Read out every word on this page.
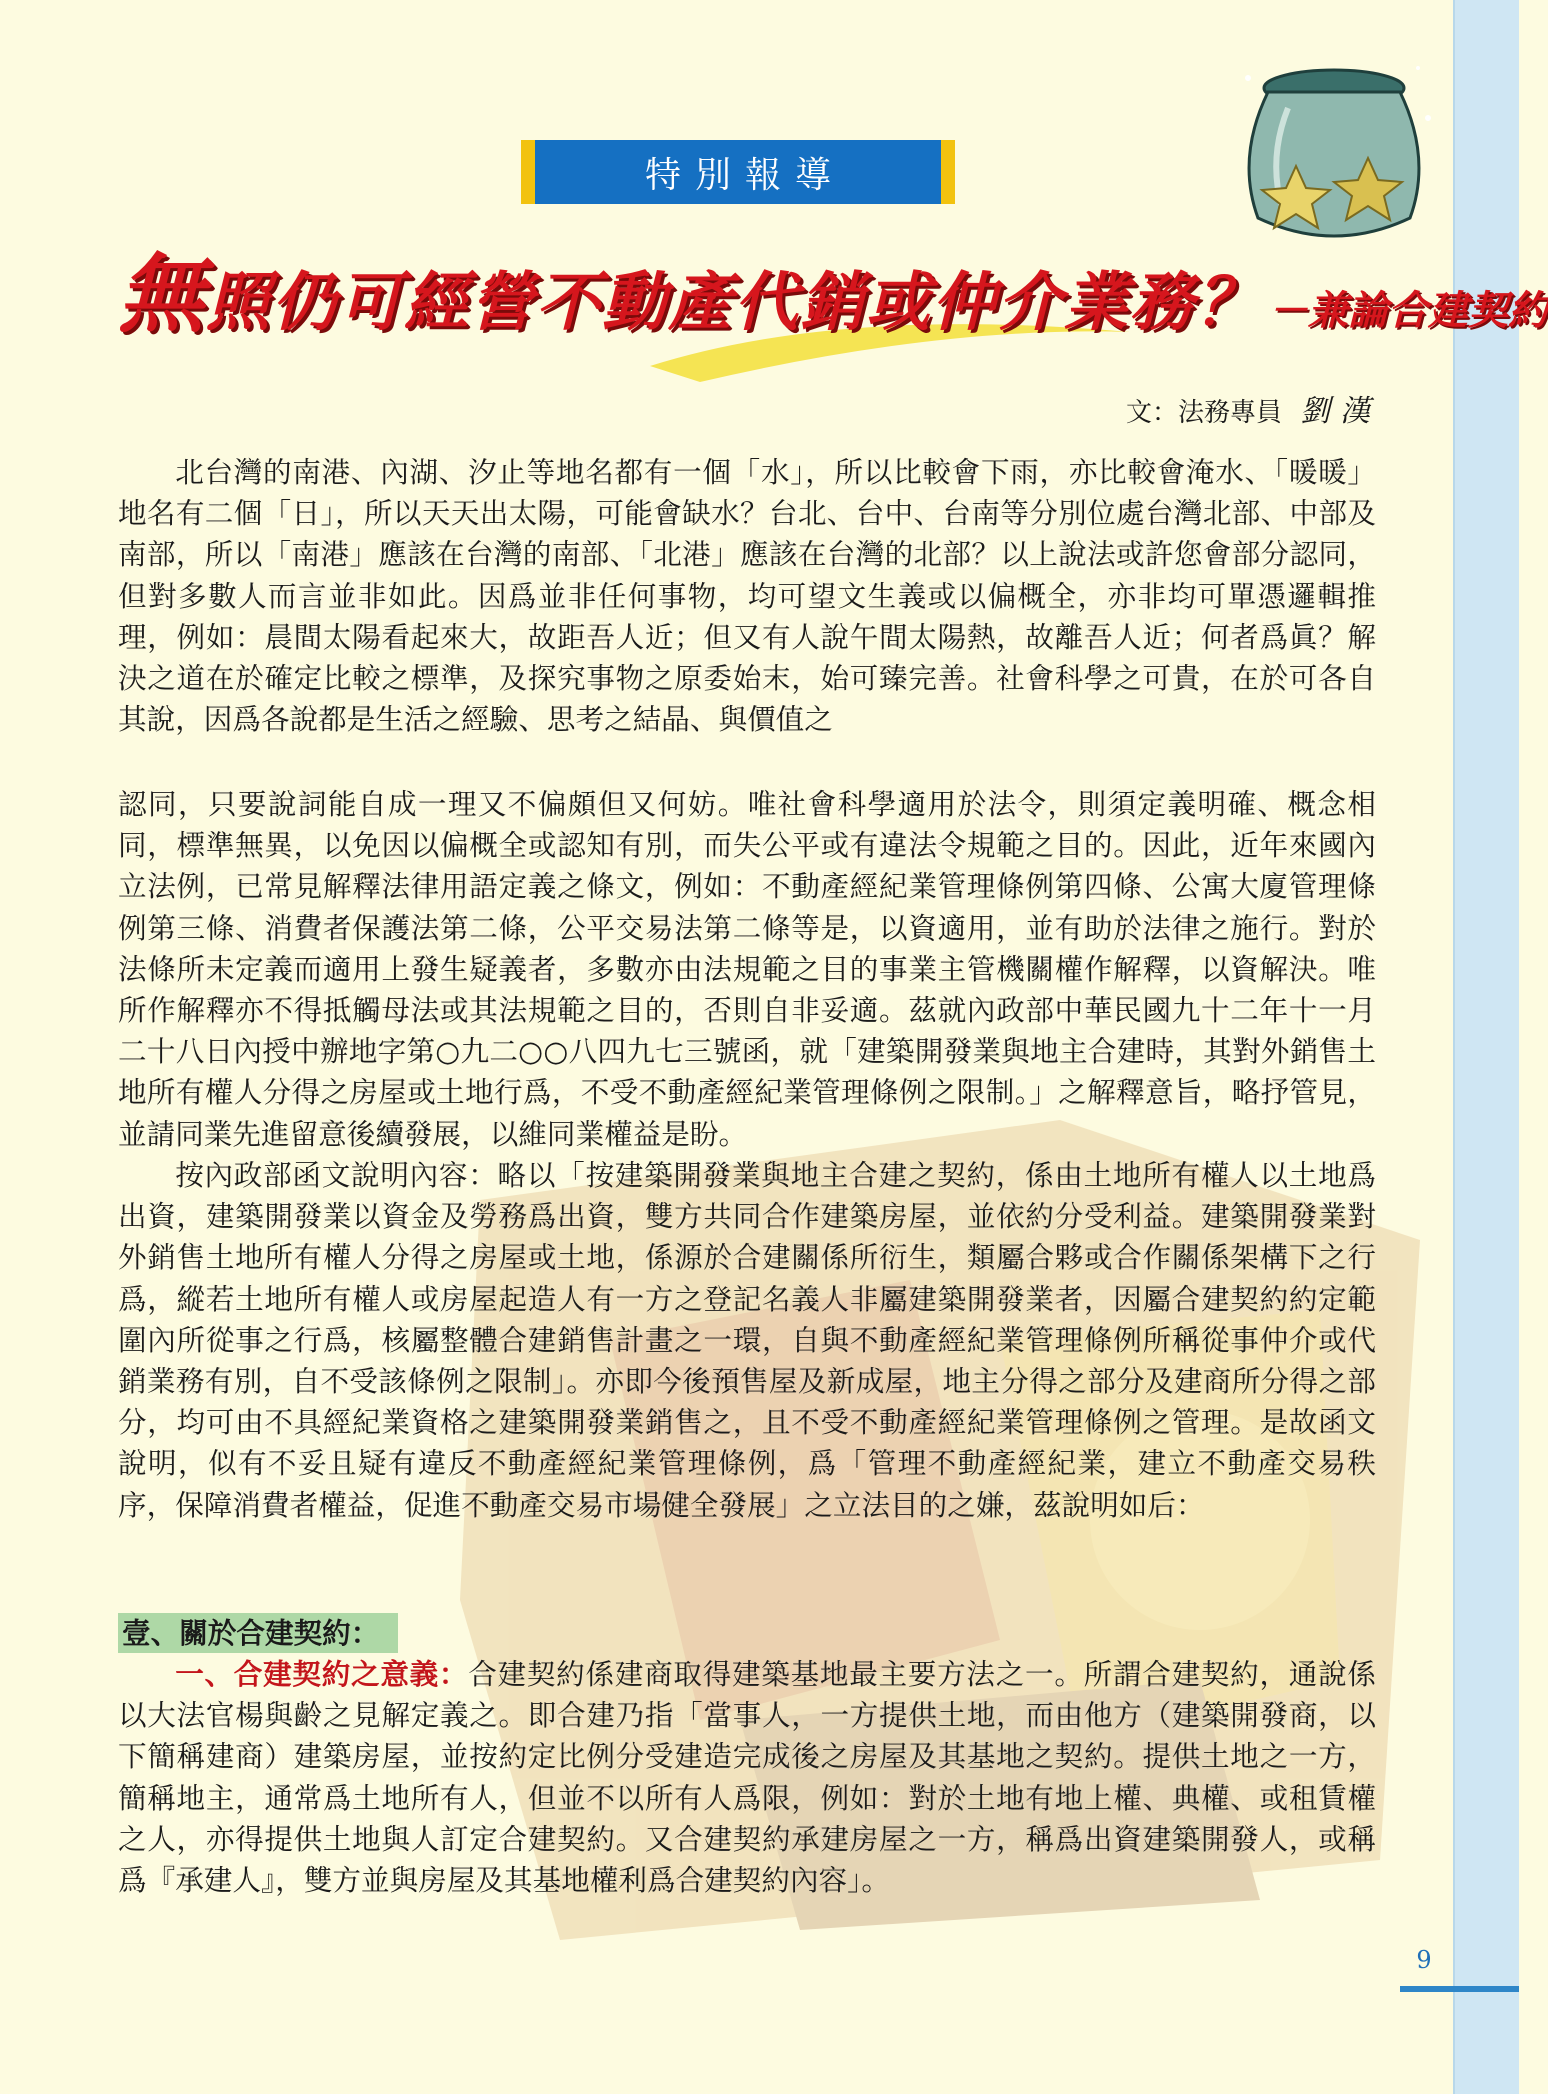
特別報導
無照仍可經營不動產代銷或仲介業務？ －兼論合建契約
文：法務專員 劉漢

北台灣的南港、內湖、汐止等地名都有一個「水」，所以比較會下雨，亦比較會淹水、「暖暖」地名有二個「日」，所以天天出太陽，可能會缺水？台北、台中、台南等分別位處台灣北部、中部及南部，所以「南港」應該在台灣的南部、「北港」應該在台灣的北部？以上說法或許您會部分認同，但對多數人而言並非如此。因爲並非任何事物，均可望文生義或以偏概全，亦非均可單憑邏輯推理，例如：晨間太陽看起來大，故距吾人近；但又有人說午間太陽熱，故離吾人近；何者爲眞？解決之道在於確定比較之標準，及探究事物之原委始末，始可臻完善。社會科學之可貴，在於可各自其說，因爲各說都是生活之經驗、思考之結晶、與價值之

認同，只要說詞能自成一理又不偏頗但又何妨。唯社會科學適用於法令，則須定義明確、概念相同，標準無異，以免因以偏概全或認知有別，而失公平或有違法令規範之目的。因此，近年來國內立法例，已常見解釋法律用語定義之條文，例如：不動產經紀業管理條例第四條、公寓大廈管理條例第三條、消費者保護法第二條，公平交易法第二條等是，以資適用，並有助於法律之施行。對於法條所未定義而適用上發生疑義者，多數亦由法規範之目的事業主管機關權作解釋，以資解決。唯所作解釋亦不得抵觸母法或其法規範之目的，否則自非妥適。茲就內政部中華民國九十二年十一月二十八日內授中辦地字第○九二○○八四九七三號函，就「建築開發業與地主合建時，其對外銷售土地所有權人分得之房屋或土地行爲，不受不動產經紀業管理條例之限制。」之解釋意旨，略抒管見，並請同業先進留意後續發展，以維同業權益是盼。

按內政部函文說明內容：略以「按建築開發業與地主合建之契約，係由土地所有權人以土地爲出資，建築開發業以資金及勞務爲出資，雙方共同合作建築房屋，並依約分受利益。建築開發業對外銷售土地所有權人分得之房屋或土地，係源於合建關係所衍生，類屬合夥或合作關係架構下之行爲，縱若土地所有權人或房屋起造人有一方之登記名義人非屬建築開發業者，因屬合建契約約定範圍內所從事之行爲，核屬整體合建銷售計畫之一環，自與不動產經紀業管理條例所稱從事仲介或代銷業務有別，自不受該條例之限制」。亦即今後預售屋及新成屋，地主分得之部分及建商所分得之部分，均可由不具經紀業資格之建築開發業銷售之，且不受不動產經紀業管理條例之管理。是故函文說明，似有不妥且疑有違反不動產經紀業管理條例，爲「管理不動產經紀業，建立不動產交易秩序，保障消費者權益，促進不動產交易市場健全發展」之立法目的之嫌，茲說明如后：

壹、關於合建契約：

一、合建契約之意義：合建契約係建商取得建築基地最主要方法之一。所謂合建契約，通說係以大法官楊與齡之見解定義之。即合建乃指「當事人，一方提供土地，而由他方（建築開發商，以下簡稱建商）建築房屋，並按約定比例分受建造完成後之房屋及其基地之契約。提供土地之一方，簡稱地主，通常爲土地所有人，但並不以所有人爲限，例如：對於土地有地上權、典權、或租賃權之人，亦得提供土地與人訂定合建契約。又合建契約承建房屋之一方，稱爲出資建築開發人，或稱爲『承建人』，雙方並與房屋及其基地權利爲合建契約內容」。

9
